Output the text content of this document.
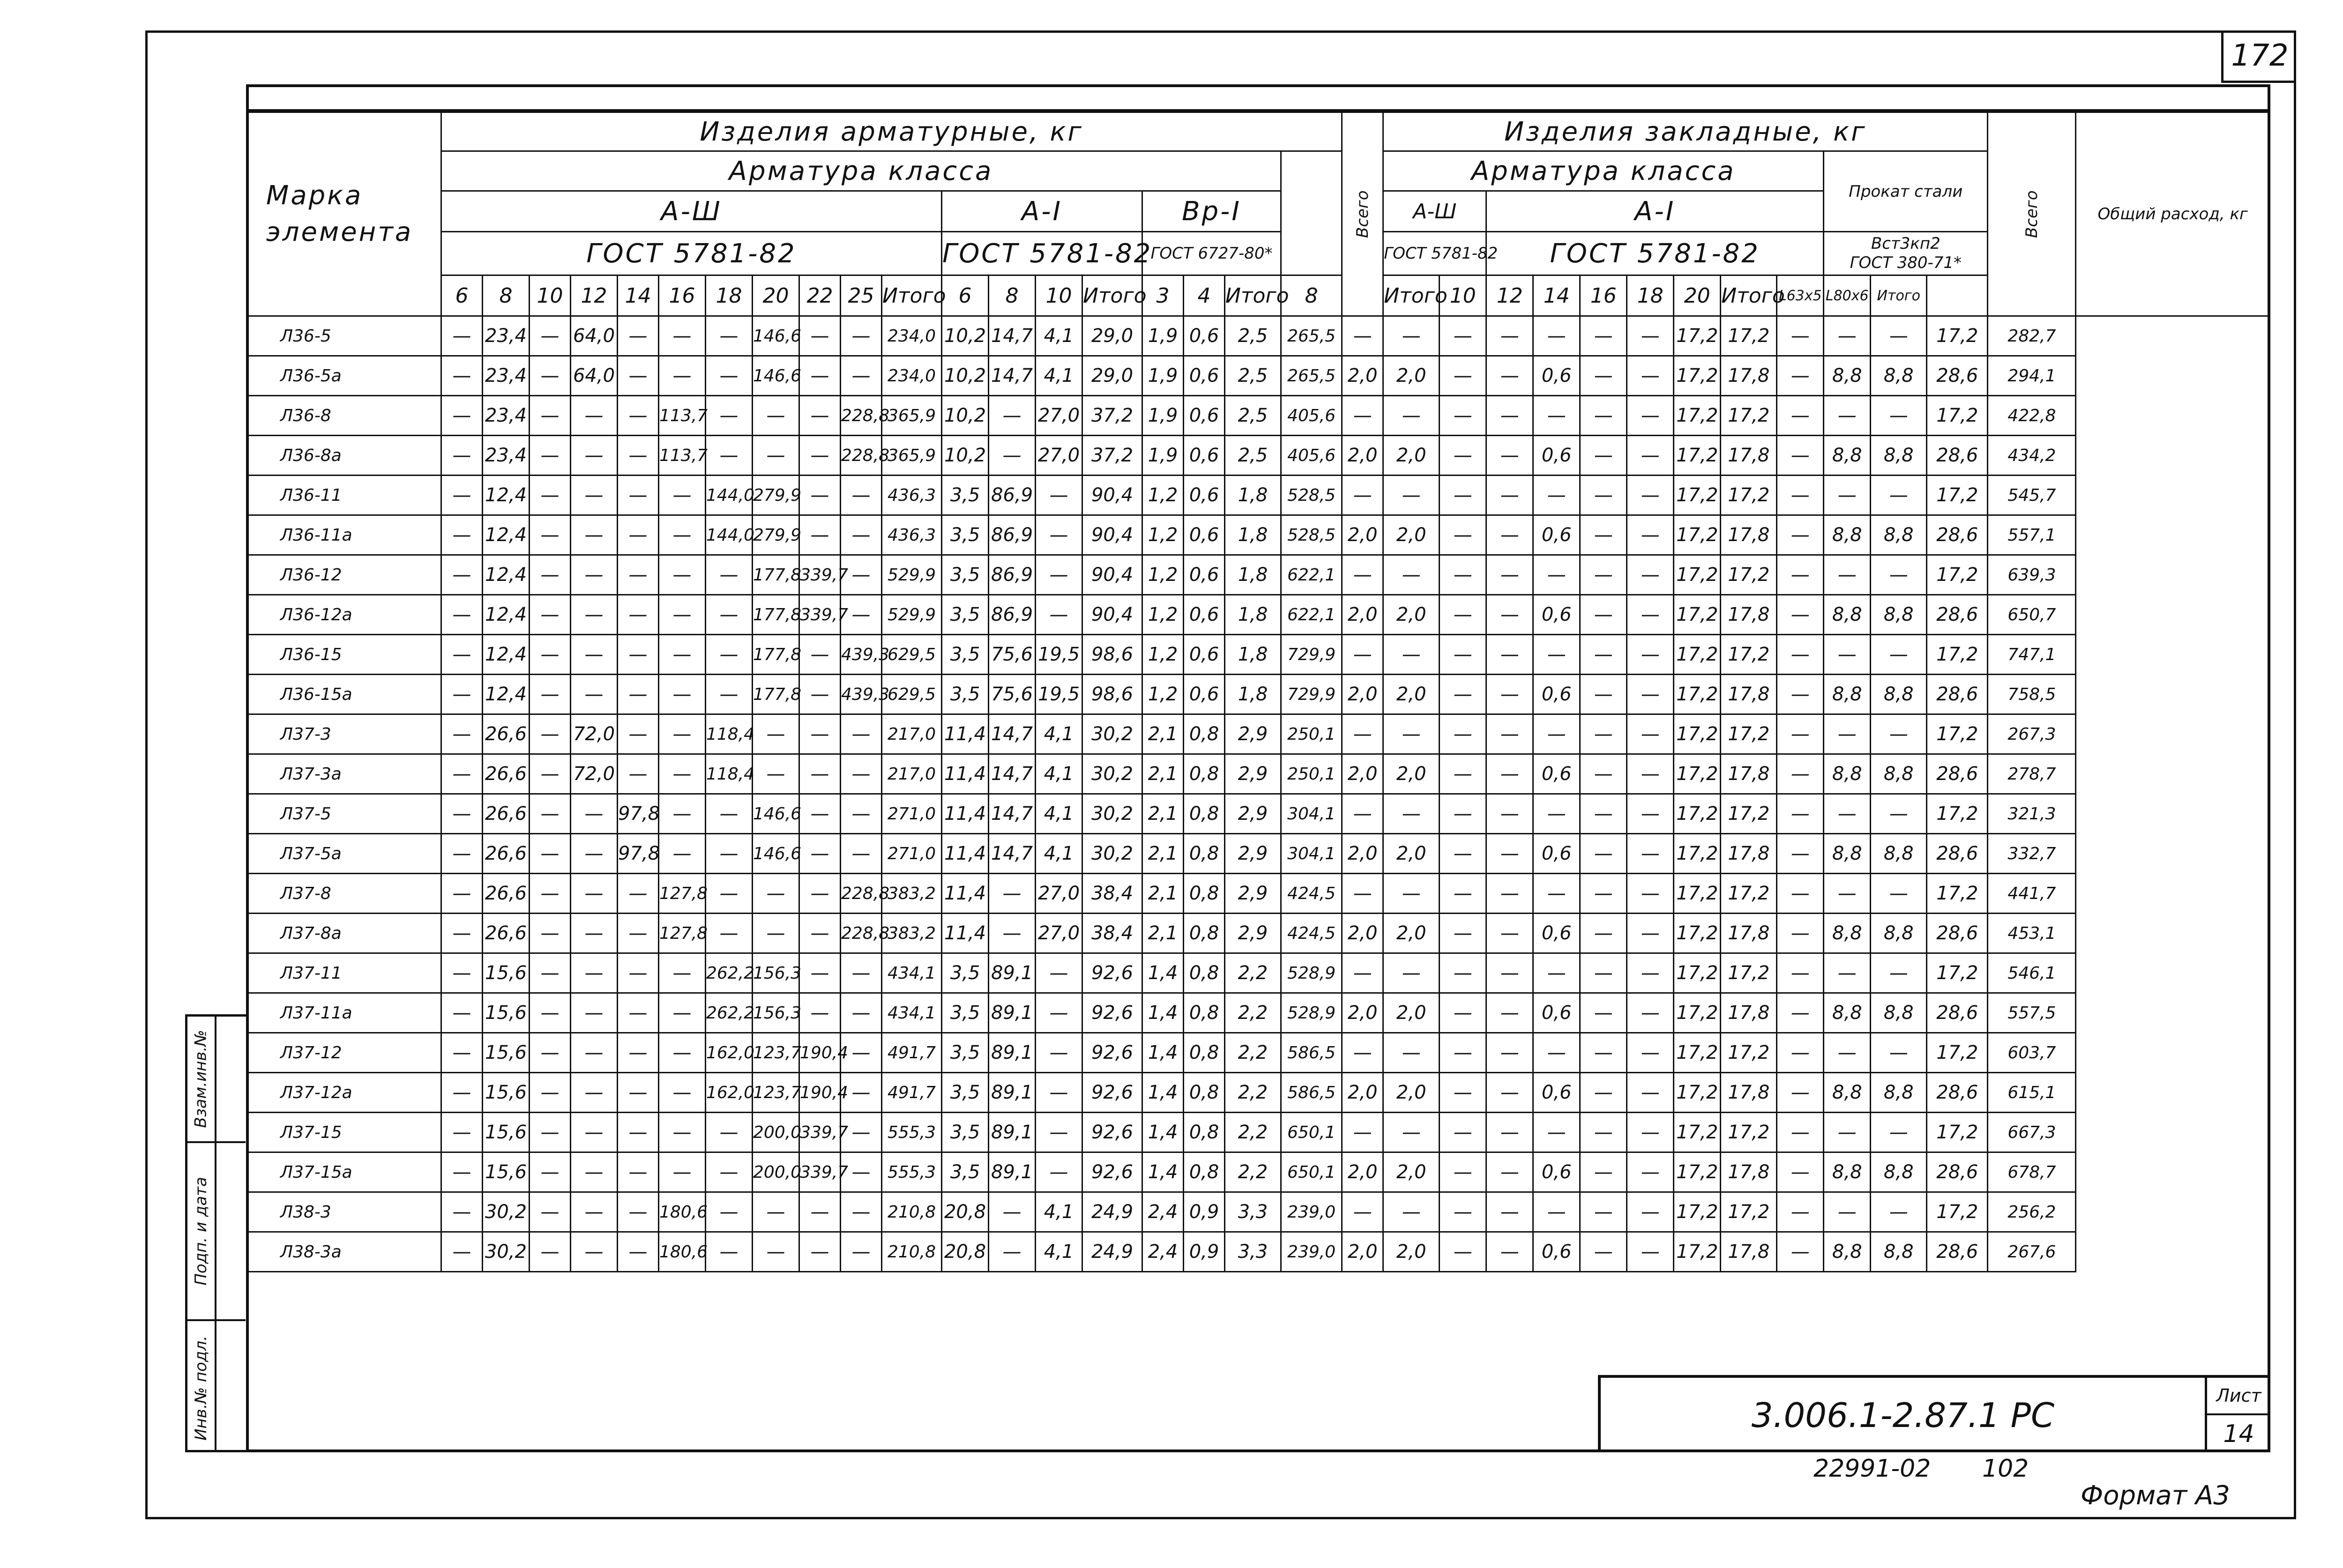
172
Марка элемента	Изделия арматурные, кг																			Всего	Изделия закладные, кг												Всего	Общий расход, кг
	Арматура класса																				Арматура класса									Прокат стали				
	А-Ш											А-I				Вр-I					А-Ш		А-I											
	ГОСТ 5781-82											ГОСТ 5781-82				ГОСТ 6727-80*					ГОСТ 5781-82		ГОСТ 5781-82							Вст3кп2
ГОСТ 380-71*				
	6	8	10	12	14	16	18	20	22	25	Итого	6	8	10	Итого	3	4	Итого	8		Итого	10	12	14	16	18	20	Итого	L63x5	L80x6	Итого			
Л36-5	—	23,4	—	64,0	—	—	—	146,6	—	—	234,0	10,2	14,7	4,1	29,0	1,9	0,6	2,5	265,5	—	—	—	—	—	—	—	17,2	17,2	—	—	—	17,2	282,7	
Л36-5а	—	23,4	—	64,0	—	—	—	146,6	—	—	234,0	10,2	14,7	4,1	29,0	1,9	0,6	2,5	265,5	2,0	2,0	—	—	0,6	—	—	17,2	17,8	—	8,8	8,8	28,6	294,1	
Л36-8	—	23,4	—	—	—	113,7	—	—	—	228,8	365,9	10,2	—	27,0	37,2	1,9	0,6	2,5	405,6	—	—	—	—	—	—	—	17,2	17,2	—	—	—	17,2	422,8	
Л36-8а	—	23,4	—	—	—	113,7	—	—	—	228,8	365,9	10,2	—	27,0	37,2	1,9	0,6	2,5	405,6	2,0	2,0	—	—	0,6	—	—	17,2	17,8	—	8,8	8,8	28,6	434,2	
Л36-11	—	12,4	—	—	—	—	144,0	279,9	—	—	436,3	3,5	86,9	—	90,4	1,2	0,6	1,8	528,5	—	—	—	—	—	—	—	17,2	17,2	—	—	—	17,2	545,7	
Л36-11а	—	12,4	—	—	—	—	144,0	279,9	—	—	436,3	3,5	86,9	—	90,4	1,2	0,6	1,8	528,5	2,0	2,0	—	—	0,6	—	—	17,2	17,8	—	8,8	8,8	28,6	557,1	
Л36-12	—	12,4	—	—	—	—	—	177,8	339,7	—	529,9	3,5	86,9	—	90,4	1,2	0,6	1,8	622,1	—	—	—	—	—	—	—	17,2	17,2	—	—	—	17,2	639,3	
Л36-12а	—	12,4	—	—	—	—	—	177,8	339,7	—	529,9	3,5	86,9	—	90,4	1,2	0,6	1,8	622,1	2,0	2,0	—	—	0,6	—	—	17,2	17,8	—	8,8	8,8	28,6	650,7	
Л36-15	—	12,4	—	—	—	—	—	177,8	—	439,3	629,5	3,5	75,6	19,5	98,6	1,2	0,6	1,8	729,9	—	—	—	—	—	—	—	17,2	17,2	—	—	—	17,2	747,1	
Л36-15а	—	12,4	—	—	—	—	—	177,8	—	439,3	629,5	3,5	75,6	19,5	98,6	1,2	0,6	1,8	729,9	2,0	2,0	—	—	0,6	—	—	17,2	17,8	—	8,8	8,8	28,6	758,5	
Л37-3	—	26,6	—	72,0	—	—	118,4	—	—	—	217,0	11,4	14,7	4,1	30,2	2,1	0,8	2,9	250,1	—	—	—	—	—	—	—	17,2	17,2	—	—	—	17,2	267,3	
Л37-3а	—	26,6	—	72,0	—	—	118,4	—	—	—	217,0	11,4	14,7	4,1	30,2	2,1	0,8	2,9	250,1	2,0	2,0	—	—	0,6	—	—	17,2	17,8	—	8,8	8,8	28,6	278,7	
Л37-5	—	26,6	—	—	97,8	—	—	146,6	—	—	271,0	11,4	14,7	4,1	30,2	2,1	0,8	2,9	304,1	—	—	—	—	—	—	—	17,2	17,2	—	—	—	17,2	321,3	
Л37-5а	—	26,6	—	—	97,8	—	—	146,6	—	—	271,0	11,4	14,7	4,1	30,2	2,1	0,8	2,9	304,1	2,0	2,0	—	—	0,6	—	—	17,2	17,8	—	8,8	8,8	28,6	332,7	
Л37-8	—	26,6	—	—	—	127,8	—	—	—	228,8	383,2	11,4	—	27,0	38,4	2,1	0,8	2,9	424,5	—	—	—	—	—	—	—	17,2	17,2	—	—	—	17,2	441,7	
Л37-8а	—	26,6	—	—	—	127,8	—	—	—	228,8	383,2	11,4	—	27,0	38,4	2,1	0,8	2,9	424,5	2,0	2,0	—	—	0,6	—	—	17,2	17,8	—	8,8	8,8	28,6	453,1	
Л37-11	—	15,6	—	—	—	—	262,2	156,3	—	—	434,1	3,5	89,1	—	92,6	1,4	0,8	2,2	528,9	—	—	—	—	—	—	—	17,2	17,2	—	—	—	17,2	546,1	
Л37-11а	—	15,6	—	—	—	—	262,2	156,3	—	—	434,1	3,5	89,1	—	92,6	1,4	0,8	2,2	528,9	2,0	2,0	—	—	0,6	—	—	17,2	17,8	—	8,8	8,8	28,6	557,5	
Л37-12	—	15,6	—	—	—	—	162,0	123,7	190,4	—	491,7	3,5	89,1	—	92,6	1,4	0,8	2,2	586,5	—	—	—	—	—	—	—	17,2	17,2	—	—	—	17,2	603,7	
Л37-12а	—	15,6	—	—	—	—	162,0	123,7	190,4	—	491,7	3,5	89,1	—	92,6	1,4	0,8	2,2	586,5	2,0	2,0	—	—	0,6	—	—	17,2	17,8	—	8,8	8,8	28,6	615,1	
Л37-15	—	15,6	—	—	—	—	—	200,0	339,7	—	555,3	3,5	89,1	—	92,6	1,4	0,8	2,2	650,1	—	—	—	—	—	—	—	17,2	17,2	—	—	—	17,2	667,3	
Л37-15а	—	15,6	—	—	—	—	—	200,0	339,7	—	555,3	3,5	89,1	—	92,6	1,4	0,8	2,2	650,1	2,0	2,0	—	—	0,6	—	—	17,2	17,8	—	8,8	8,8	28,6	678,7	
Л38-3	—	30,2	—	—	—	180,6	—	—	—	—	210,8	20,8	—	4,1	24,9	2,4	0,9	3,3	239,0	—	—	—	—	—	—	—	17,2	17,2	—	—	—	17,2	256,2	
Л38-3а	—	30,2	—	—	—	180,6	—	—	—	—	210,8	20,8	—	4,1	24,9	2,4	0,9	3,3	239,0	2,0	2,0	—	—	0,6	—	—	17,2	17,8	—	8,8	8,8	28,6	267,6	
Взам.инв.№
Подп. и дата
Инв.№ подл.	3.006.1-2.87.1 РС	Лист
14
22991-02 102
Формат А3
